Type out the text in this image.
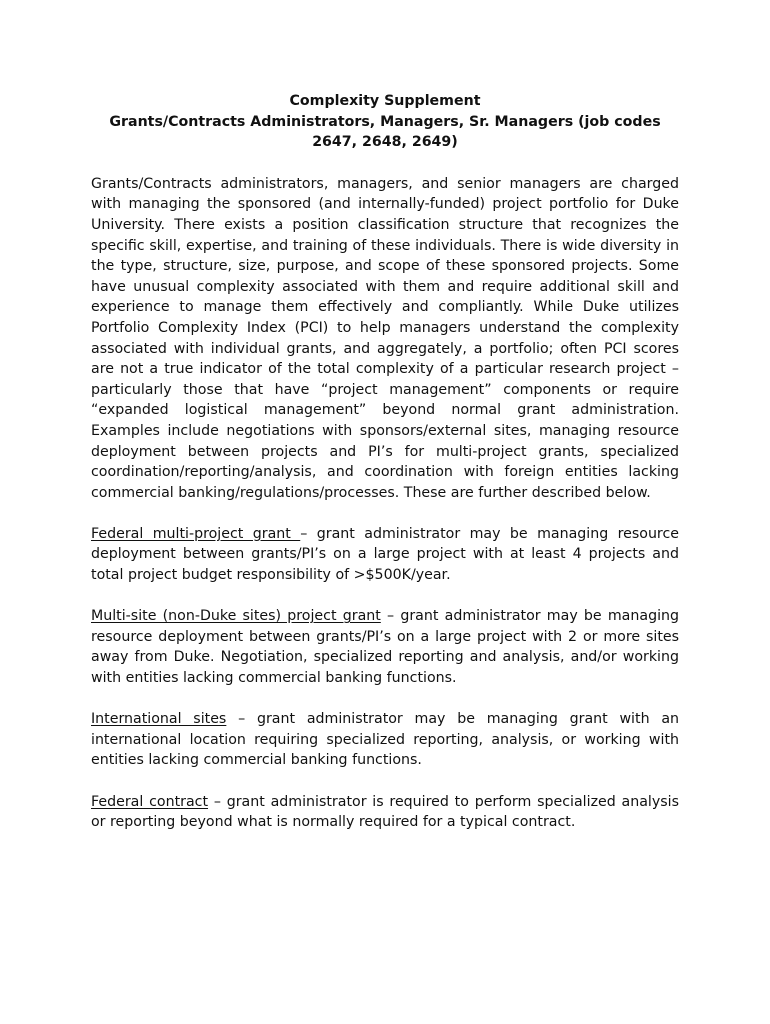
Complexity Supplement
Grants/Contracts Administrators, Managers, Sr. Managers (job codes 2647, 2648, 2649)

Grants/Contracts administrators, managers, and senior managers are charged with managing the sponsored (and internally-funded) project portfolio for Duke University. There exists a position classification structure that recognizes the specific skill, expertise, and training of these individuals. There is wide diversity in the type, structure, size, purpose, and scope of these sponsored projects. Some have unusual complexity associated with them and require additional skill and experience to manage them effectively and compliantly. While Duke utilizes Portfolio Complexity Index (PCI) to help managers understand the complexity associated with individual grants, and aggregately, a portfolio; often PCI scores are not a true indicator of the total complexity of a particular research project – particularly those that have “project management” components or require “expanded logistical management” beyond normal grant administration. Examples include negotiations with sponsors/external sites, managing resource deployment between projects and PI’s for multi-project grants, specialized coordination/reporting/analysis, and coordination with foreign entities lacking commercial banking/regulations/processes. These are further described below.

Federal multi-project grant – grant administrator may be managing resource deployment between grants/PI’s on a large project with at least 4 projects and total project budget responsibility of >$500K/year.

Multi-site (non-Duke sites) project grant – grant administrator may be managing resource deployment between grants/PI’s on a large project with 2 or more sites away from Duke. Negotiation, specialized reporting and analysis, and/or working with entities lacking commercial banking functions.

International sites – grant administrator may be managing grant with an international location requiring specialized reporting, analysis, or working with entities lacking commercial banking functions.

Federal contract – grant administrator is required to perform specialized analysis or reporting beyond what is normally required for a typical contract.
